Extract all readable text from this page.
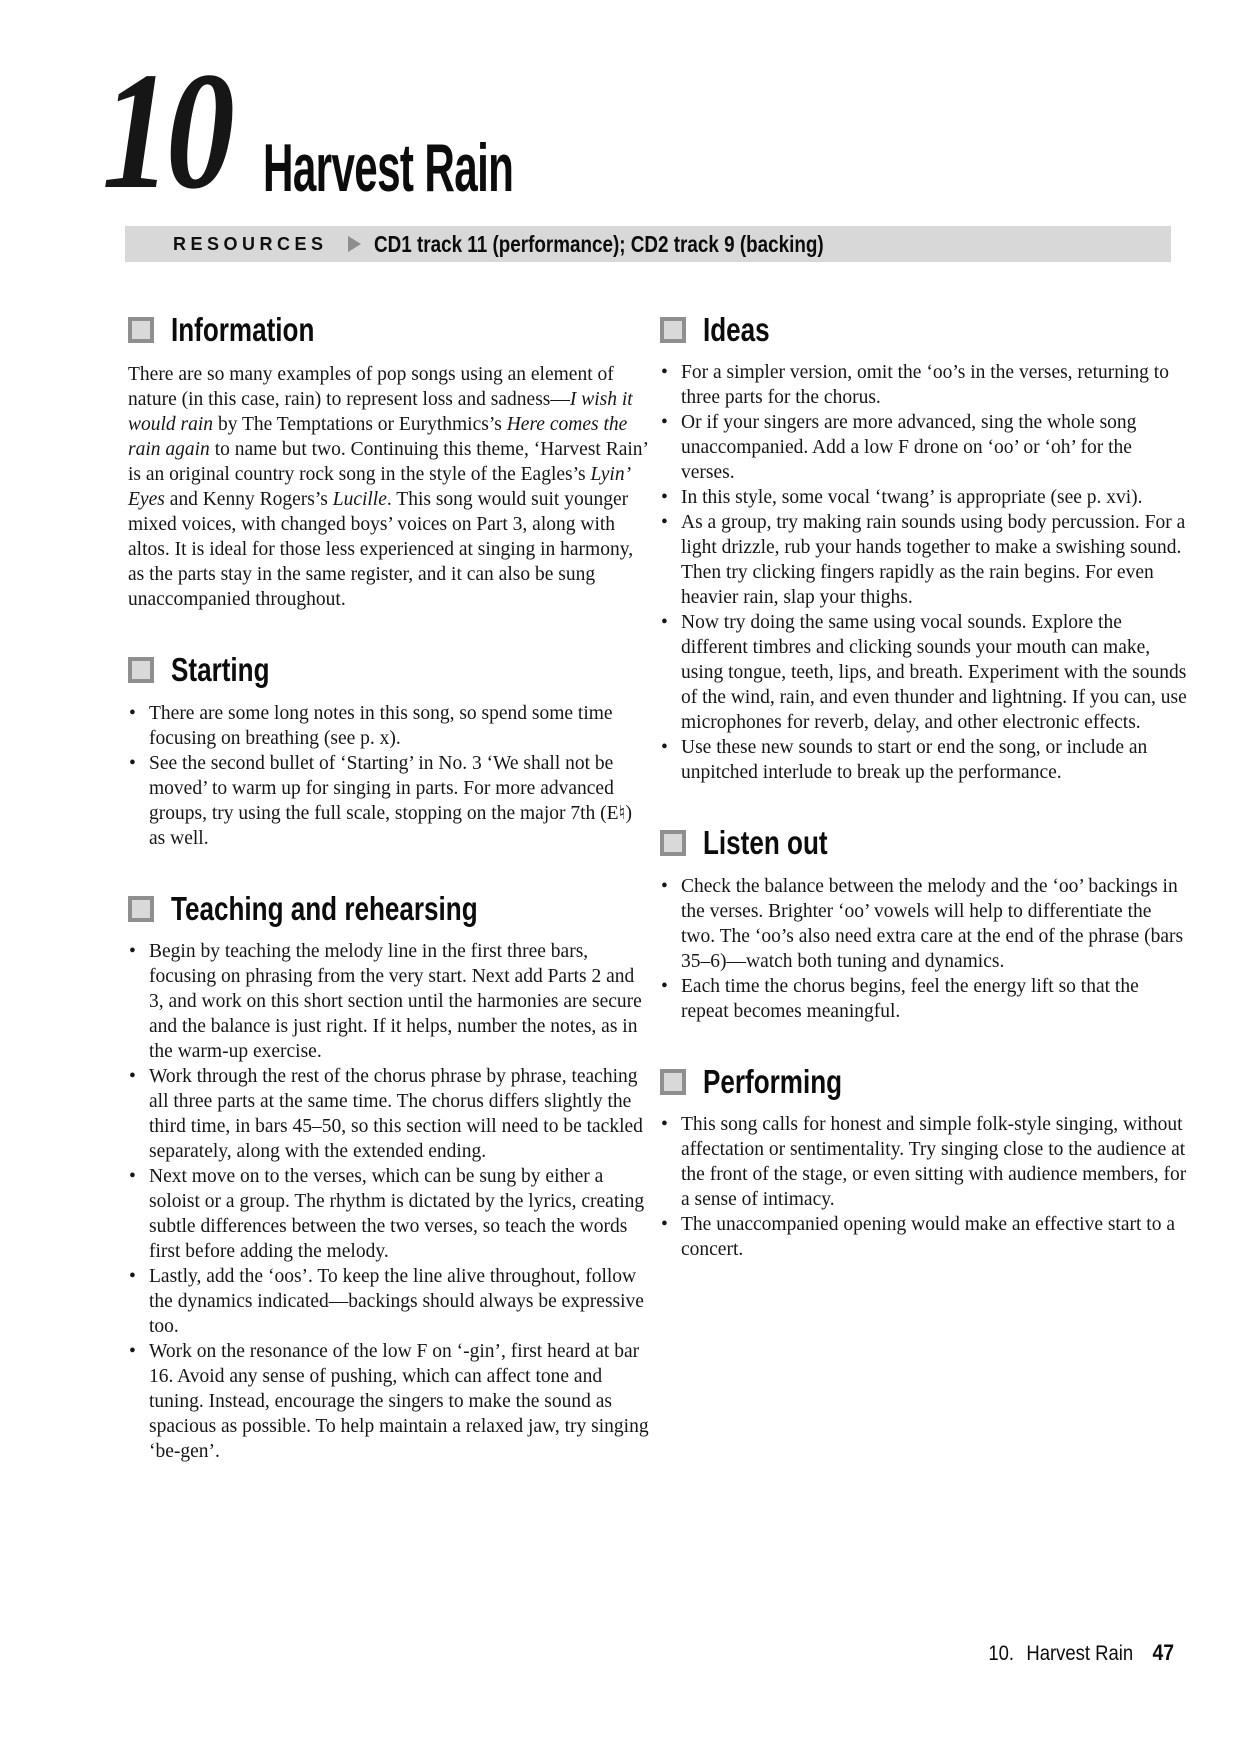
10 Harvest Rain
RESOURCES CD1 track 11 (performance); CD2 track 9 (backing)
Information

There are so many examples of pop songs using an element of nature (in this case, rain) to represent loss and sadness—I wish it would rain by The Temptations or Eurythmics’s Here comes the rain again to name but two. Continuing this theme, ‘Harvest Rain’ is an original country rock song in the style of the Eagles’s Lyin’ Eyes and Kenny Rogers’s Lucille. This song would suit younger mixed voices, with changed boys’ voices on Part 3, along with altos. It is ideal for those less experienced at singing in harmony, as the parts stay in the same register, and it can also be sung unaccompanied throughout.

Starting
• There are some long notes in this song, so spend some time focusing on breathing (see p. x).
• See the second bullet of ‘Starting’ in No. 3 ‘We shall not be moved’ to warm up for singing in parts. For more advanced groups, try using the full scale, stopping on the major 7th (E♮) as well.
Teaching and rehearsing
• Begin by teaching the melody line in the first three bars, focusing on phrasing from the very start. Next add Parts 2 and 3, and work on this short section until the harmonies are secure and the balance is just right. If it helps, number the notes, as in the warm-up exercise.
• Work through the rest of the chorus phrase by phrase, teaching all three parts at the same time. The chorus differs slightly the third time, in bars 45–50, so this section will need to be tackled separately, along with the extended ending.
• Next move on to the verses, which can be sung by either a soloist or a group. The rhythm is dictated by the lyrics, creating subtle differences between the two verses, so teach the words first before adding the melody.
• Lastly, add the ‘oos’. To keep the line alive throughout, follow the dynamics indicated—backings should always be expressive too.
• Work on the resonance of the low F on ‘-gin’, first heard at bar 16. Avoid any sense of pushing, which can affect tone and tuning. Instead, encourage the singers to make the sound as spacious as possible. To help maintain a relaxed jaw, try singing ‘be-gen’.
Ideas
• For a simpler version, omit the ‘oo’s in the verses, returning to three parts for the chorus.
• Or if your singers are more advanced, sing the whole song unaccompanied. Add a low F drone on ‘oo’ or ‘oh’ for the verses.
• In this style, some vocal ‘twang’ is appropriate (see p. xvi).
• As a group, try making rain sounds using body percussion. For a light drizzle, rub your hands together to make a swishing sound. Then try clicking fingers rapidly as the rain begins. For even heavier rain, slap your thighs.
• Now try doing the same using vocal sounds. Explore the different timbres and clicking sounds your mouth can make, using tongue, teeth, lips, and breath. Experiment with the sounds of the wind, rain, and even thunder and lightning. If you can, use microphones for reverb, delay, and other electronic effects.
• Use these new sounds to start or end the song, or include an unpitched interlude to break up the performance.
Listen out
• Check the balance between the melody and the ‘oo’ backings in the verses. Brighter ‘oo’ vowels will help to differentiate the two. The ‘oo’s also need extra care at the end of the phrase (bars 35–6)—watch both tuning and dynamics.
• Each time the chorus begins, feel the energy lift so that the repeat becomes meaningful.
Performing
• This song calls for honest and simple folk-style singing, without affectation or sentimentality. Try singing close to the audience at the front of the stage, or even sitting with audience members, for a sense of intimacy.
• The unaccompanied opening would make an effective start to a concert.
10. Harvest Rain 47
